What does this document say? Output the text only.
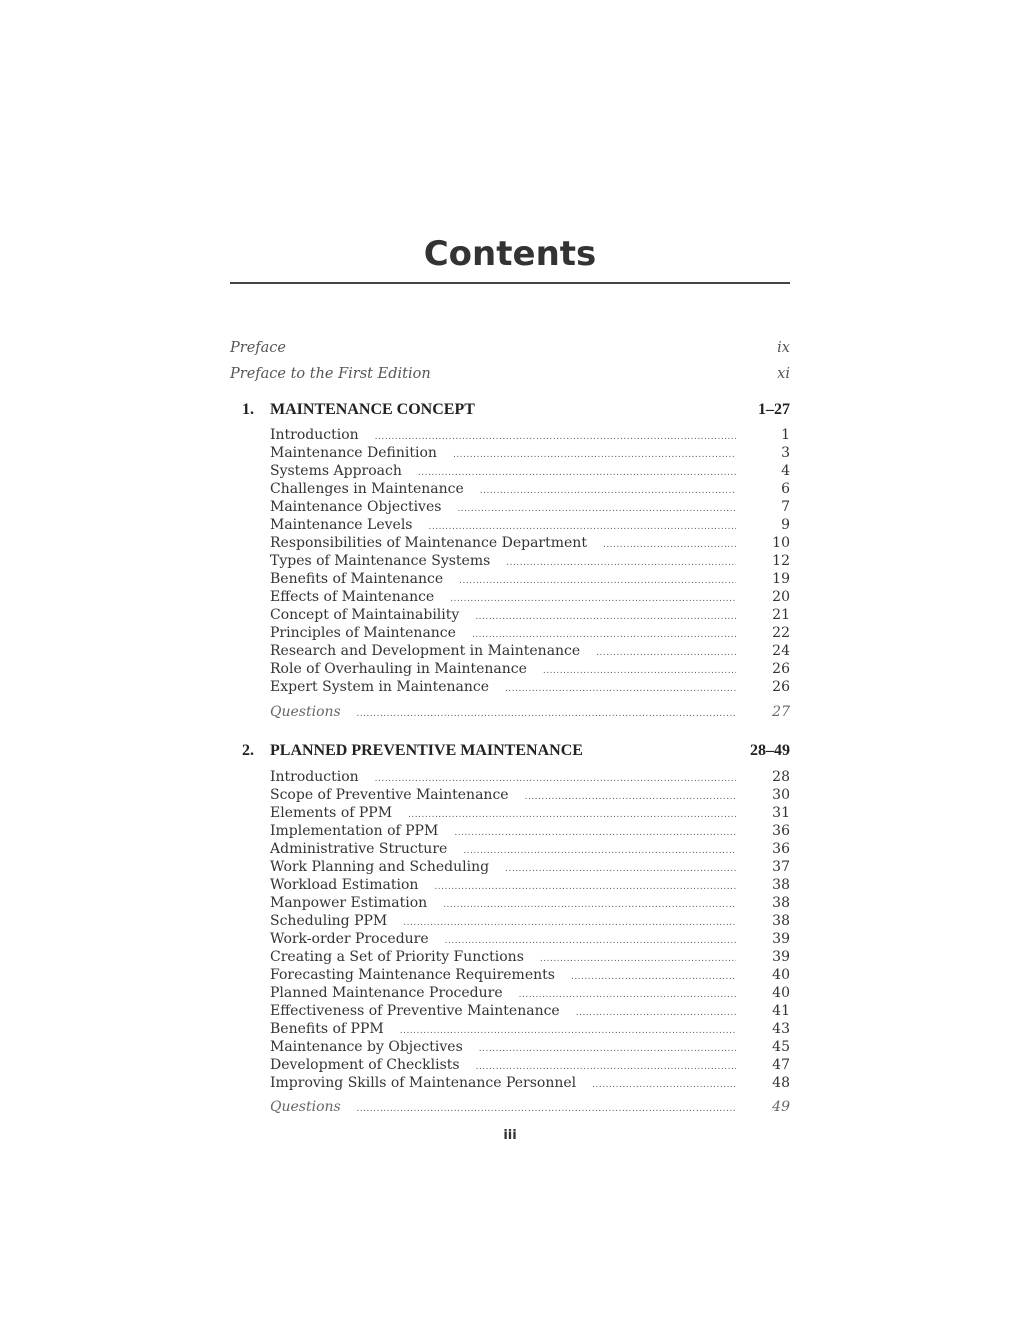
Contents
Preface	ix
Preface to the First Edition	xi
1. MAINTENANCE CONCEPT	1–27
Introduction .....	1
Maintenance Definition .....	3
Systems Approach .....	4
Challenges in Maintenance .....	6
Maintenance Objectives .....	7
Maintenance Levels .....	9
Responsibilities of Maintenance Department .....	10
Types of Maintenance Systems .....	12
Benefits of Maintenance .....	19
Effects of Maintenance .....	20
Concept of Maintainability .....	21
Principles of Maintenance .....	22
Research and Development in Maintenance .....	24
Role of Overhauling in Maintenance .....	26
Expert System in Maintenance .....	26
Questions .....	27
2. PLANNED PREVENTIVE MAINTENANCE	28–49
Introduction .....	28
Scope of Preventive Maintenance .....	30
Elements of PPM .....	31
Implementation of PPM .....	36
Administrative Structure .....	36
Work Planning and Scheduling .....	37
Workload Estimation .....	38
Manpower Estimation .....	38
Scheduling PPM .....	38
Work-order Procedure .....	39
Creating a Set of Priority Functions .....	39
Forecasting Maintenance Requirements .....	40
Planned Maintenance Procedure .....	40
Effectiveness of Preventive Maintenance .....	41
Benefits of PPM .....	43
Maintenance by Objectives .....	45
Development of Checklists .....	47
Improving Skills of Maintenance Personnel .....	48
Questions .....	49
iii
